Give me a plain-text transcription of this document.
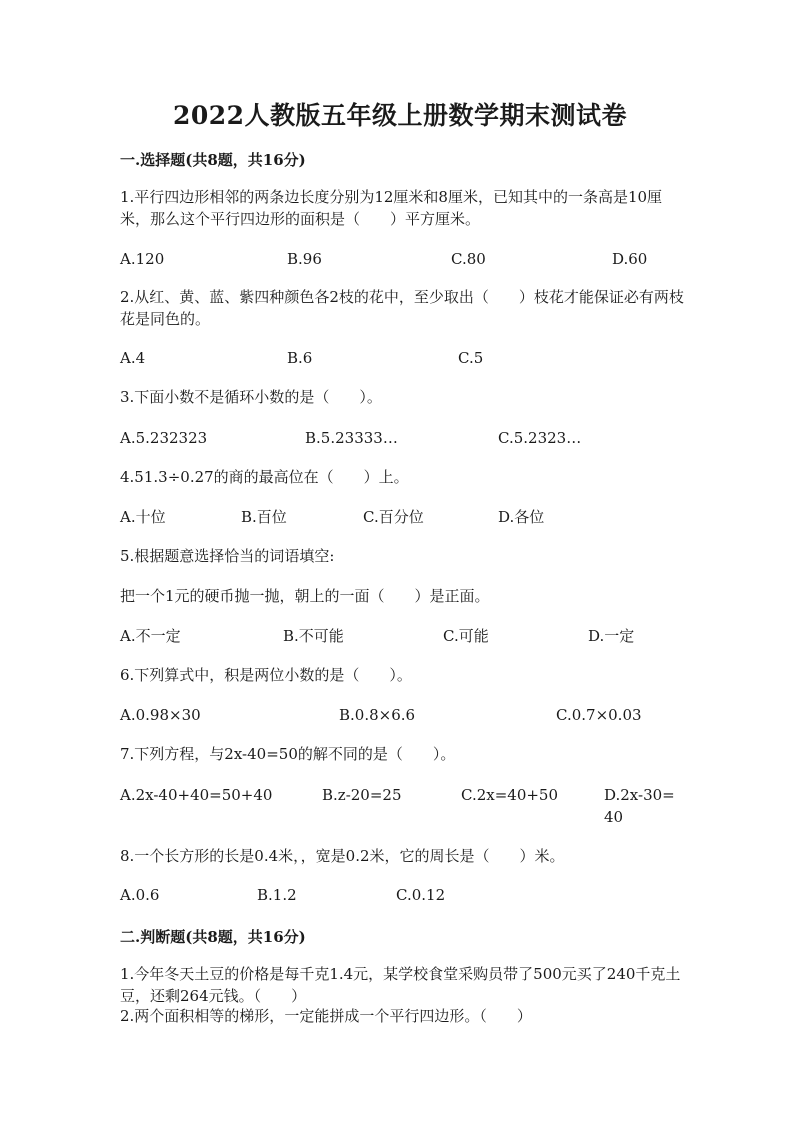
2022人教版五年级上册数学期末测试卷
一.选择题(共8题，共16分)
1.平行四边形相邻的两条边长度分别为12厘米和8厘米，已知其中的一条高是10厘米，那么这个平行四边形的面积是（　　）平方厘米。
A.120	B.96	C.80	D.60
2.从红、黄、蓝、紫四种颜色各2枝的花中，至少取出（　　）枝花才能保证必有两枝花是同色的。
A.4	B.6	C.5
3.下面小数不是循环小数的是（　　）。
A.5.232323	B.5.23333…	C.5.2323…
4.51.3÷0.27的商的最高位在（　　）上。
A.十位	B.百位	C.百分位	D.各位
5.根据题意选择恰当的词语填空:
把一个1元的硬币抛一抛，朝上的一面（　　）是正面。
A.不一定	B.不可能	C.可能	D.一定
6.下列算式中，积是两位小数的是（　　）。
A.0.98×30	B.0.8×6.6	C.0.7×0.03
7.下列方程，与2x-40=50的解不同的是（　　）。
A.2x-40+40=50+40	B.z-20=25	C.2x=40+50	D.2x-30=40
8.一个长方形的长是0.4米，，宽是0.2米，它的周长是（　　）米。
A.0.6	B.1.2	C.0.12
二.判断题(共8题，共16分)
1.今年冬天土豆的价格是每千克1.4元，某学校食堂采购员带了500元买了240千克土豆，还剩264元钱。（　　）
2.两个面积相等的梯形，一定能拼成一个平行四边形。（　　）
